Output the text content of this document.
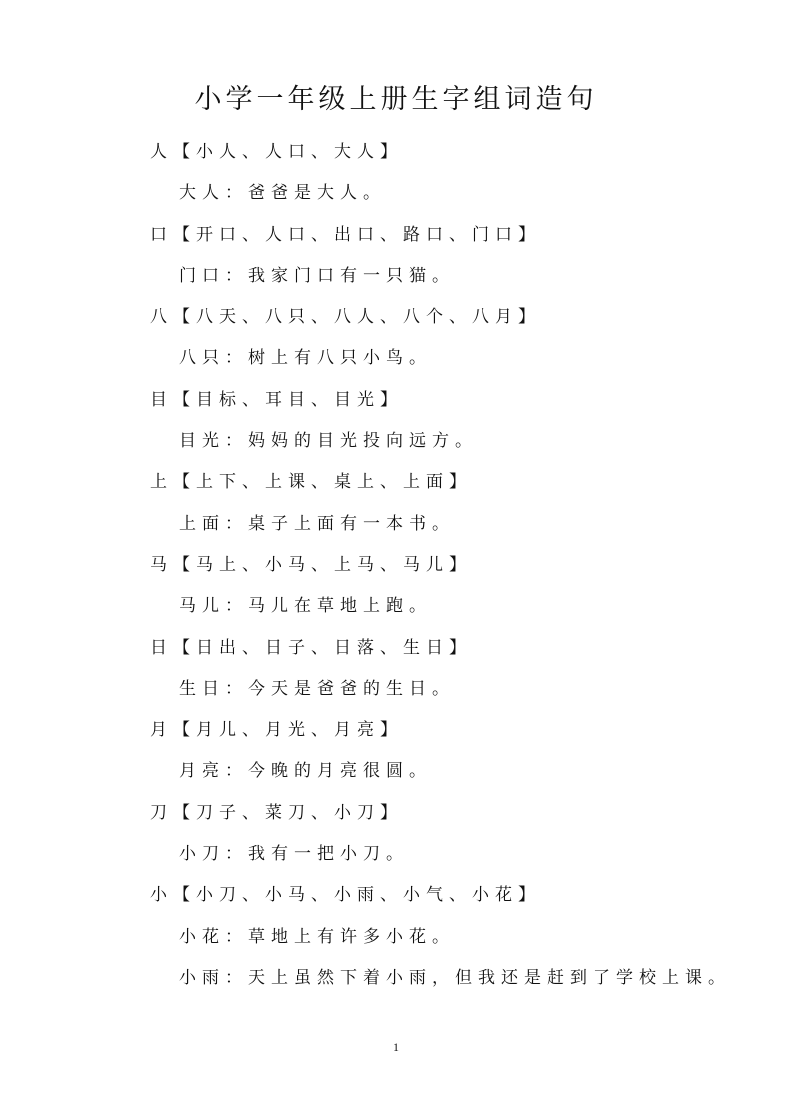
小学一年级上册生字组词造句
人【小人、人口、大人】
大人：爸爸是大人。
口【开口、人口、出口、路口、门口】
门口：我家门口有一只猫。
八【八天、八只、八人、八个、八月】
八只：树上有八只小鸟。
目【目标、耳目、目光】
目光：妈妈的目光投向远方。
上【上下、上课、桌上、上面】
上面：桌子上面有一本书。
马【马上、小马、上马、马儿】
马儿：马儿在草地上跑。
日【日出、日子、日落、生日】
生日：今天是爸爸的生日。
月【月儿、月光、月亮】
月亮：今晚的月亮很圆。
刀【刀子、菜刀、小刀】
小刀：我有一把小刀。
小【小刀、小马、小雨、小气、小花】
小花：草地上有许多小花。
小雨：天上虽然下着小雨，但我还是赶到了学校上课。
1
